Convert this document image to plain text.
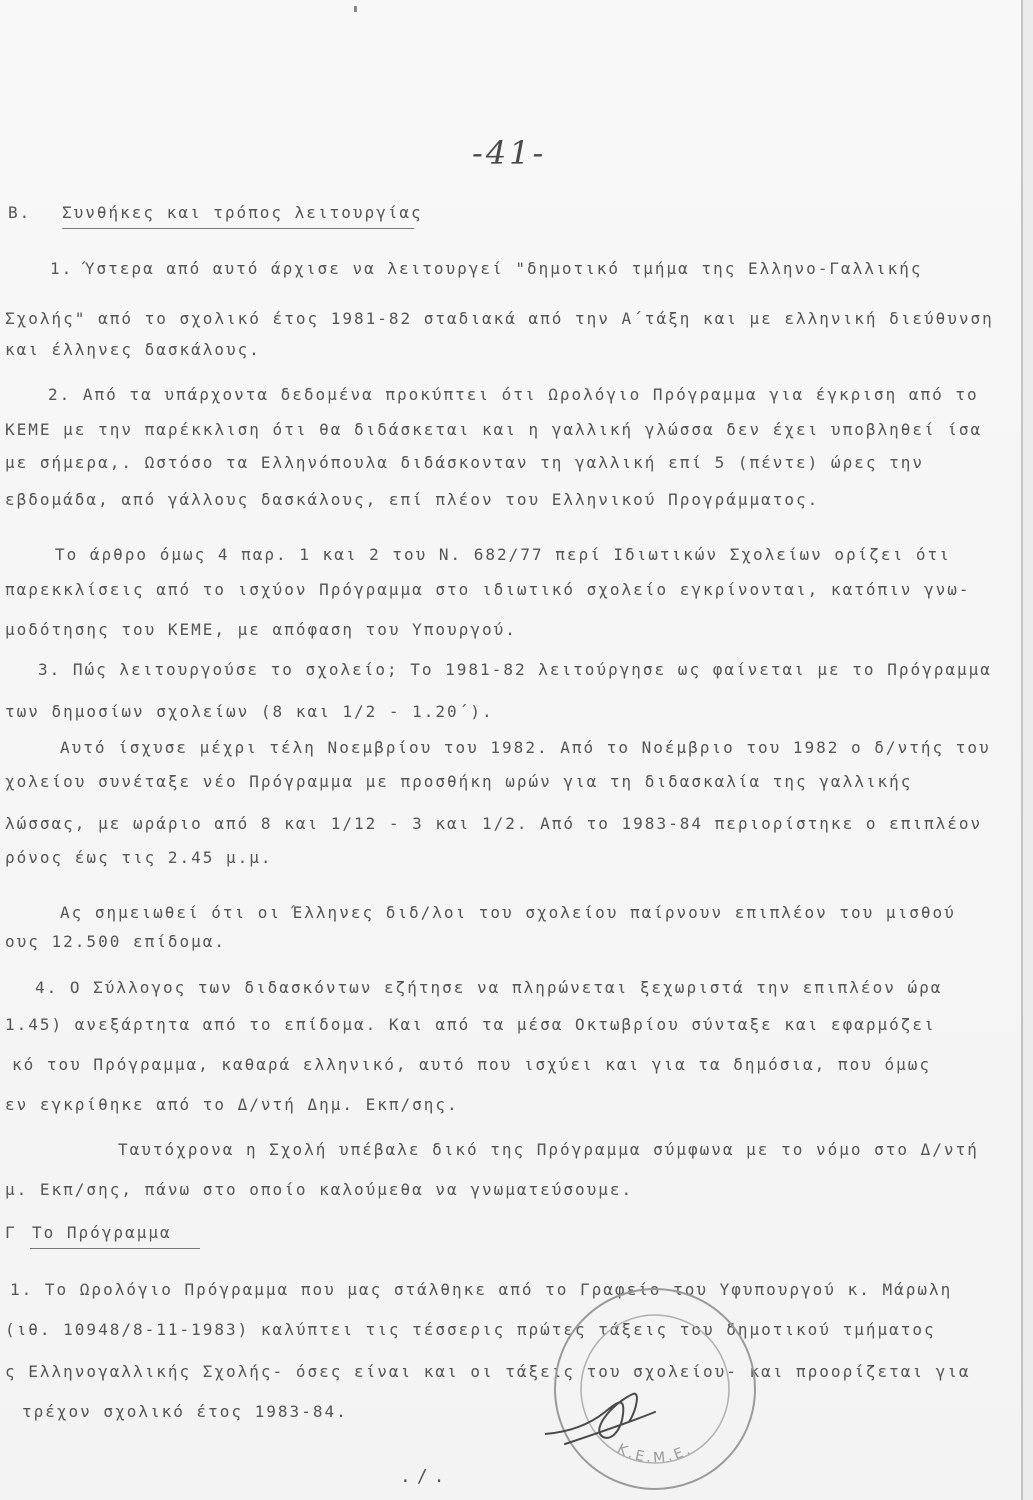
-41-
Β. Συνθήκες και τρόπος λειτουργίας
1. Ύστερα από αυτό άρχισε να λειτουργεί "δημοτικό τμήμα της Ελληνο-Γαλλικής
Σχολής" από το σχολικό έτος 1981-82 σταδιακά από την Α΄τάξη και με ελληνική διεύθυνση
και έλληνες δασκάλους.
2. Από τα υπάρχοντα δεδομένα προκύπτει ότι Ωρολόγιο Πρόγραμμα για έγκριση από το
ΚΕΜΕ με την παρέκκλιση ότι θα διδάσκεται και η γαλλική γλώσσα δεν έχει υποβληθεί ίσα
με σήμερα,. Ωστόσο τα Ελληνόπουλα διδάσκονταν τη γαλλική επί 5 (πέντε) ώρες την
εβδομάδα, από γάλλους δασκάλους, επί πλέον του Ελληνικού Προγράμματος.
Το άρθρο όμως 4 παρ. 1 και 2 του Ν. 682/77 περί Ιδιωτικών Σχολείων ορίζει ότι
παρεκκλίσεις από το ισχύον Πρόγραμμα στο ιδιωτικό σχολείο εγκρίνονται, κατόπιν γνω-
μοδότησης του ΚΕΜΕ, με απόφαση του Υπουργού.
3. Πώς λειτουργούσε το σχολείο; Το 1981-82 λειτούργησε ως φαίνεται με το Πρόγραμμα
των δημοσίων σχολείων (8 και 1/2 - 1.20΄).
Αυτό ίσχυσε μέχρι τέλη Νοεμβρίου του 1982. Από το Νοέμβριο του 1982 ο δ/ντής του
χολείου συνέταξε νέο Πρόγραμμα με προσθήκη ωρών για τη διδασκαλία της γαλλικής
λώσσας, με ωράριο από 8 και 1/12 - 3 και 1/2. Από το 1983-84 περιορίστηκε ο επιπλέον
ρόνος έως τις 2.45 μ.μ.
Ας σημειωθεί ότι οι Έλληνες διδ/λοι του σχολείου παίρνουν επιπλέον του μισθού
ους 12.500 επίδομα.
4. Ο Σύλλογος των διδασκόντων εζήτησε να πληρώνεται ξεχωριστά την επιπλέον ώρα
1.45) ανεξάρτητα από το επίδομα. Και από τα μέσα Οκτωβρίου σύνταξε και εφαρμόζει
κό του Πρόγραμμα, καθαρά ελληνικό, αυτό που ισχύει και για τα δημόσια, που όμως
εν εγκρίθηκε από το Δ/ντή Δημ. Εκπ/σης.
Ταυτόχρονα η Σχολή υπέβαλε δικό της Πρόγραμμα σύμφωνα με το νόμο στο Δ/ντή
μ. Εκπ/σης, πάνω στο οποίο καλούμεθα να γνωματεύσουμε.
Γ Το Πρόγραμμα
1. Το Ωρολόγιο Πρόγραμμα που μας στάλθηκε από το Γραφείο του Υφυπουργού κ. Μάρωλη
(ιθ. 10948/8-11-1983) καλύπτει τις τέσσερις πρώτες τάξεις του δημοτικού τμήματος
ς Ελληνογαλλικής Σχολής- όσες είναι και οι τάξεις του σχολείου- και προορίζεται για
τρέχον σχολικό έτος 1983-84.
Κ.Ε.Μ.Ε.
./.
